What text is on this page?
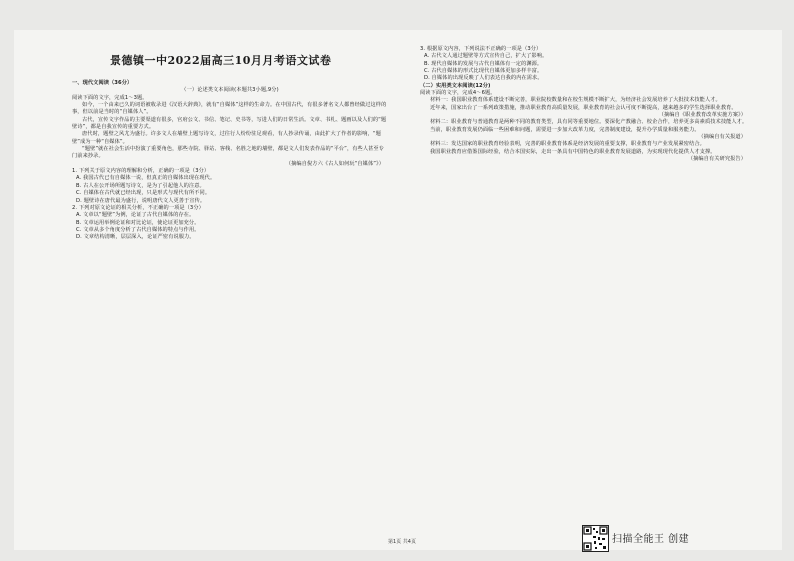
景德镇一中2022届高三10月月考语文试卷
一、现代文阅读（36分）
（一）论述类文本阅读(本题共3小题,9分)
阅读下面的文字，完成1～3题。

如今，一个由来已久的词语被收录进《汉语大辞典》，就有“自媒体”这样的生命力。在中国古代，有很多著名文人都曾经做过这样的事，但以前是当时的“自媒体人”。

古代，宣传文字作品的主要渠道有很多，官府公文、书信、笔记、史书等，写进人们的日常生活。文章、书札、题画以及人们的“题壁诗”，都是自我宣传的重要方式。

唐代时，题壁之风尤为盛行。许多文人在墙壁上题写诗文，过往行人纷纷驻足观看，有人抄录传诵，由此扩大了作者的影响，“题壁”成为一种“自媒体”。

“题壁”就在社会生活中扮演了重要角色，那些寺院、驿站、客栈、名胜之地的墙壁，都是文人们发表作品的“平台”，有些人甚至专门前来抄录。

（摘编自倪方六《古人如何玩“自媒体”》）

1. 下列关于原文内容的理解和分析，正确的一项是（3分）

A. 我国古代已有自媒体一说，但真正的自媒体出现在现代。

B. 古人在公开场所题写诗文，是为了引起他人的注意。

C. 自媒体在古代就已经出现，只是形式与现代有所不同。

D. 题壁诗在唐代最为盛行，说明唐代文人更善于宣传。

2. 下列对原文论证的相关分析，不正确的一项是（3分）

A. 文章以“题壁”为例，论证了古代自媒体的存在。

B. 文章运用举例论证和对比论证，使论证更加充分。

C. 文章从多个角度分析了古代自媒体的特点与作用。

D. 文章结构清晰，层层深入，论证严密有说服力。

3. 根据原文内容，下列说法不正确的一项是（3分）

A. 古代文人通过题壁等方式宣传自己，扩大了影响。

B. 现代自媒体的发展与古代自媒体有一定的渊源。

C. 古代自媒体的形式比现代自媒体更加多样丰富。

D. 自媒体的出现反映了人们表达自我的内在需求。

（二）实用类文本阅读(12分)
阅读下面的文字，完成4～6题。

材料一：我国职业教育体系建设不断完善，职业院校数量和在校生规模不断扩大，为经济社会发展培养了大批技术技能人才。

近年来，国家出台了一系列政策措施，推动职业教育高质量发展，职业教育的社会认可度不断提高，越来越多的学生选择职业教育。

（摘编自《职业教育改革实施方案》）

材料二：职业教育与普通教育是两种不同的教育类型，具有同等重要地位。要深化产教融合、校企合作，培养更多高素质技术技能人才。

当前，职业教育发展仍面临一些困难和问题，需要进一步加大改革力度，完善制度建设，提升办学质量和服务能力。

（摘编自有关报道）

材料三：发达国家的职业教育经验表明，完善的职业教育体系是经济发展的重要支撑，职业教育与产业发展紧密结合。

我国职业教育应借鉴国际经验，结合本国实际，走出一条具有中国特色的职业教育发展道路，为实现现代化提供人才支撑。

（摘编自有关研究报告）
第1页 共4页	扫描全能王 创建
